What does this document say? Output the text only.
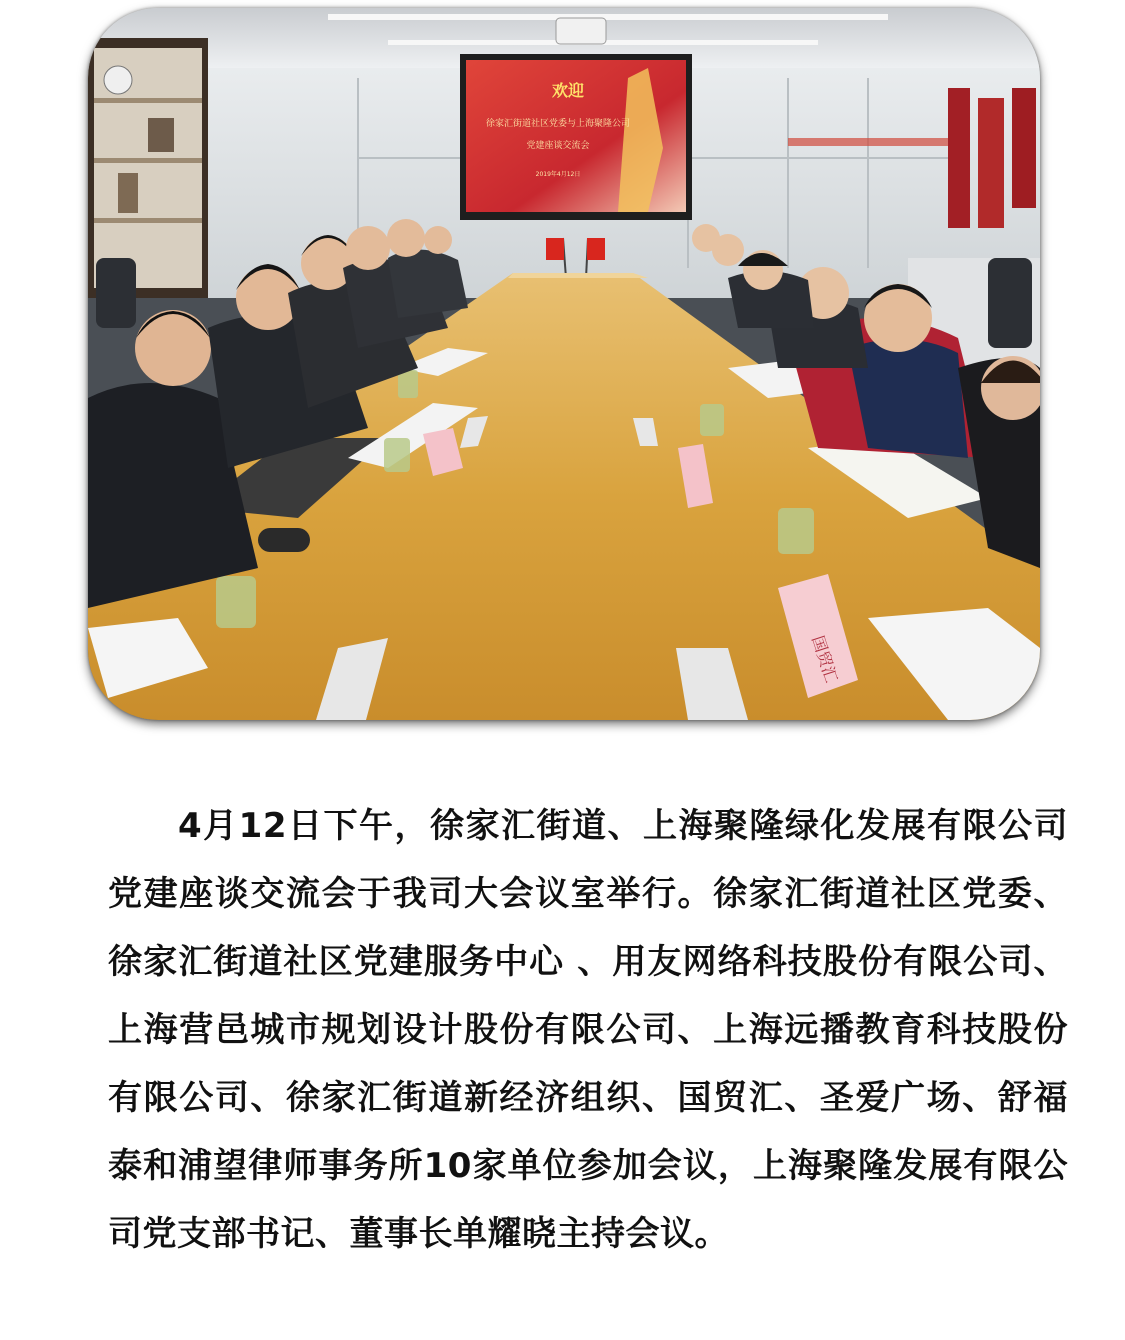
欢迎
徐家汇街道社区党委与上海聚隆公司
党建座谈交流会
2019年4月12日
国贸汇

4月12日下午，徐家汇街道、上海聚隆绿化发展有限公司党建座谈交流会于我司大会议室举行。徐家汇街道社区党委、徐家汇街道社区党建服务中心 、用友网络科技股份有限公司、上海营邑城市规划设计股份有限公司、上海远播教育科技股份有限公司、徐家汇街道新经济组织、国贸汇、圣爱广场、舒福泰和浦望律师事务所10家单位参加会议，上海聚隆发展有限公司党支部书记、董事长单耀晓主持会议。
